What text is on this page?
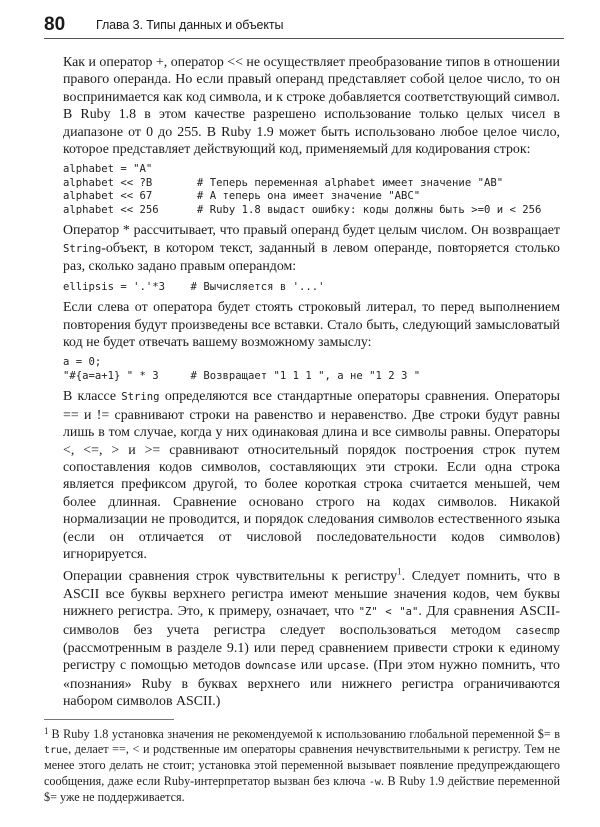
80 Глава 3. Типы данных и объекты

Как и оператор +, оператор << не осуществляет преобразование типов в отношении правого операнда. Но если правый операнд представляет собой целое число, то он воспринимается как код символа, и к строке добавляется соответствующий символ. В Ruby 1.8 в этом качестве разрешено использование только целых чисел в диапазоне от 0 до 255. В Ruby 1.9 может быть использовано любое целое число, которое представляет действующий код, применяемый для кодирования строк:

alphabet = "A"
alphabet << ?B       # Теперь переменная alphabet имеет значение "AB"
alphabet << 67       # А теперь она имеет значение "ABC"
alphabet << 256      # Ruby 1.8 выдаст ошибку: коды должны быть >=0 и < 256

Оператор * рассчитывает, что правый операнд будет целым числом. Он возвращает String-объект, в котором текст, заданный в левом операнде, повторяется столько раз, сколько задано правым операндом:

ellipsis = '.'*3    # Вычисляется в '...'

Если слева от оператора будет стоять строковый литерал, то перед выполнением повторения будут произведены все вставки. Стало быть, следующий замысловатый код не будет отвечать вашему возможному замыслу:

a = 0;
"#{a=a+1} " * 3     # Возвращает "1 1 1 ", а не "1 2 3 "

В классе String определяются все стандартные операторы сравнения. Операторы == и != сравнивают строки на равенство и неравенство. Две строки будут равны лишь в том случае, когда у них одинаковая длина и все символы равны. Операторы <, <=, > и >= сравнивают относительный порядок построения строк путем сопоставления кодов символов, составляющих эти строки. Если одна строка является префиксом другой, то более короткая строка считается меньшей, чем более длинная. Сравнение основано строго на кодах символов. Никакой нормализации не проводится, и порядок следования символов естественного языка (если он отличается от числовой последовательности кодов символов) игнорируется.

Операции сравнения строк чувствительны к регистру$^1$. Следует помнить, что в ASCII все буквы верхнего регистра имеют меньшие значения кодов, чем буквы нижнего регистра. Это, к примеру, означает, что "Z" < "a". Для сравнения ASCII-символов без учета регистра следует воспользоваться методом casecmp (рассмотренным в разделе 9.1) или перед сравнением привести строки к единому регистру с помощью методов downcase или upcase. (При этом нужно помнить, что «познания» Ruby в буквах верхнего или нижнего регистра ограничиваются набором символов ASCII.)

$^1$ В Ruby 1.8 установка значения не рекомендуемой к использованию глобальной переменной $= в true, делает ==, < и родственные им операторы сравнения нечувствительными к регистру. Тем не менее этого делать не стоит; установка этой переменной вызывает появление предупреждающего сообщения, даже если Ruby-интерпретатор вызван без ключа -w. В Ruby 1.9 действие переменной $= уже не поддерживается.
